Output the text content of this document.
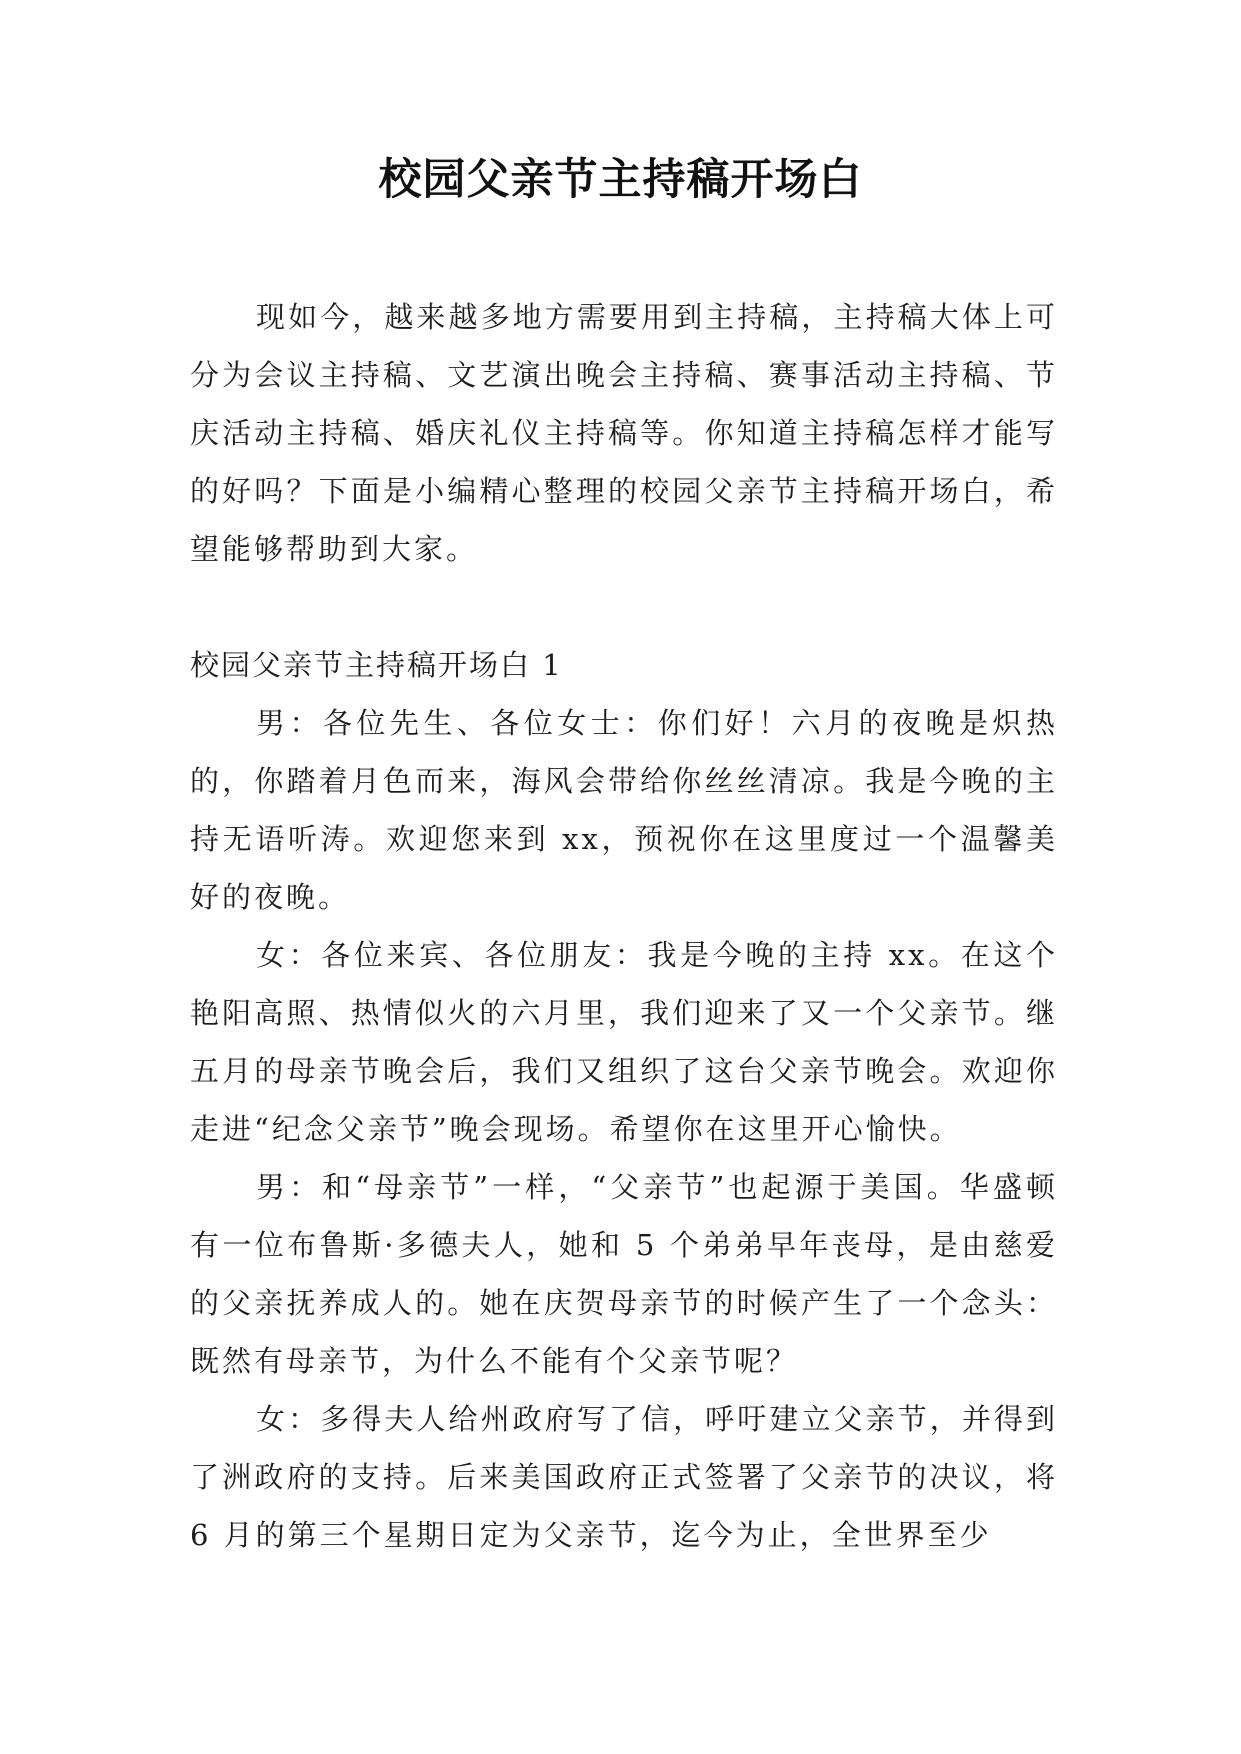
校园父亲节主持稿开场白

现如今，越来越多地方需要用到主持稿，主持稿大体上可分为会议主持稿、文艺演出晚会主持稿、赛事活动主持稿、节庆活动主持稿、婚庆礼仪主持稿等。你知道主持稿怎样才能写的好吗？下面是小编精心整理的校园父亲节主持稿开场白，希望能够帮助到大家。

校园父亲节主持稿开场白 1

男：各位先生、各位女士：你们好！六月的夜晚是炽热的，你踏着月色而来，海风会带给你丝丝清凉。我是今晚的主持无语听涛。欢迎您来到 xx，预祝你在这里度过一个温馨美好的夜晚。

女：各位来宾、各位朋友：我是今晚的主持 xx。在这个艳阳高照、热情似火的六月里，我们迎来了又一个父亲节。继五月的母亲节晚会后，我们又组织了这台父亲节晚会。欢迎你走进“纪念父亲节”晚会现场。希望你在这里开心愉快。

男：和“母亲节”一样，“父亲节”也起源于美国。华盛顿有一位布鲁斯·多德夫人，她和 5 个弟弟早年丧母，是由慈爱的父亲抚养成人的。她在庆贺母亲节的时候产生了一个念头：既然有母亲节，为什么不能有个父亲节呢？

女：多得夫人给州政府写了信，呼吁建立父亲节，并得到了洲政府的支持。后来美国政府正式签署了父亲节的决议，将 6 月的第三个星期日定为父亲节，迄今为止，全世界至少
